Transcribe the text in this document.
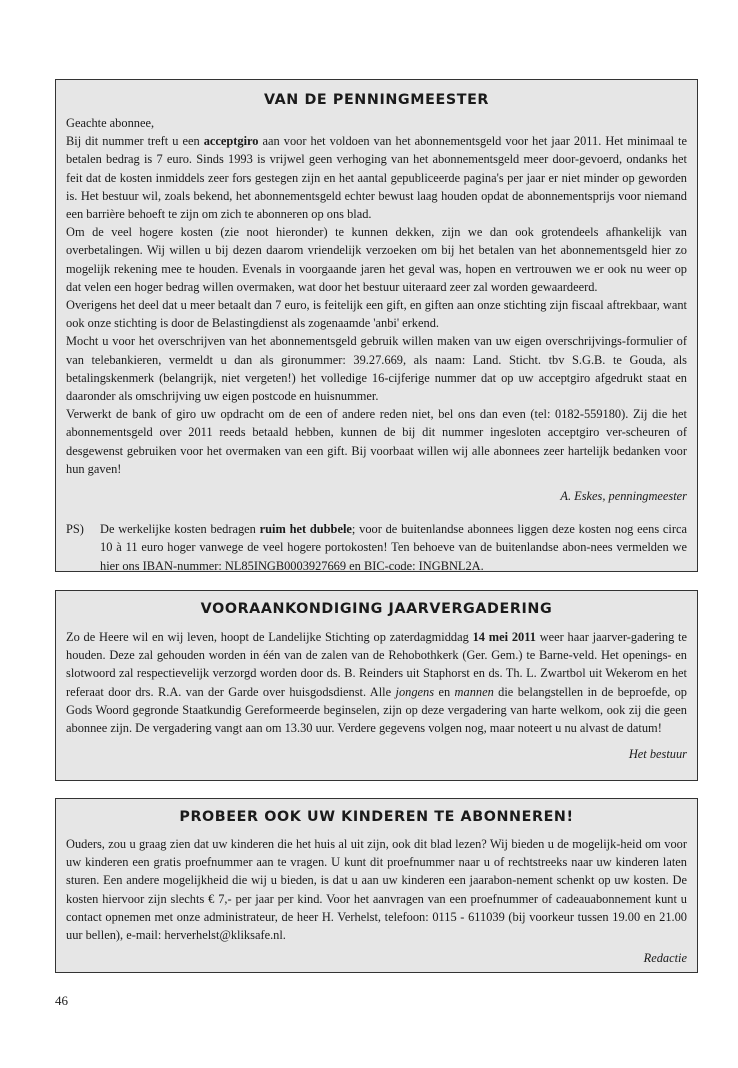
VAN DE PENNINGMEESTER

Geachte abonnee,

Bij dit nummer treft u een acceptgiro aan voor het voldoen van het abonnementsgeld voor het jaar 2011. Het minimaal te betalen bedrag is 7 euro. Sinds 1993 is vrijwel geen verhoging van het abonnementsgeld meer door-gevoerd, ondanks het feit dat de kosten inmiddels zeer fors gestegen zijn en het aantal gepubliceerde pagina's per jaar er niet minder op geworden is. Het bestuur wil, zoals bekend, het abonnementsgeld echter bewust laag houden opdat de abonnementsprijs voor niemand een barrière behoeft te zijn om zich te abonneren op ons blad.

Om de veel hogere kosten (zie noot hieronder) te kunnen dekken, zijn we dan ook grotendeels afhankelijk van overbetalingen. Wij willen u bij dezen daarom vriendelijk verzoeken om bij het betalen van het abonnementsgeld hier zo mogelijk rekening mee te houden. Evenals in voorgaande jaren het geval was, hopen en vertrouwen we er ook nu weer op dat velen een hoger bedrag willen overmaken, wat door het bestuur uiteraard zeer zal worden gewaardeerd.

Overigens het deel dat u meer betaalt dan 7 euro, is feitelijk een gift, en giften aan onze stichting zijn fiscaal aftrekbaar, want ook onze stichting is door de Belastingdienst als zogenaamde 'anbi' erkend.

Mocht u voor het overschrijven van het abonnementsgeld gebruik willen maken van uw eigen overschrijvings-formulier of van telebankieren, vermeldt u dan als gironummer: 39.27.669, als naam: Land. Sticht. tbv S.G.B. te Gouda, als betalingskenmerk (belangrijk, niet vergeten!) het volledige 16-cijferige nummer dat op uw acceptgiro afgedrukt staat en daaronder als omschrijving uw eigen postcode en huisnummer.

Verwerkt de bank of giro uw opdracht om de een of andere reden niet, bel ons dan even (tel: 0182-559180). Zij die het abonnementsgeld over 2011 reeds betaald hebben, kunnen de bij dit nummer ingesloten acceptgiro ver-scheuren of desgewenst gebruiken voor het overmaken van een gift. Bij voorbaat willen wij alle abonnees zeer hartelijk bedanken voor hun gaven!

A. Eskes, penningmeester

PS)	De werkelijke kosten bedragen ruim het dubbele; voor de buitenlandse abonnees liggen deze kosten nog eens circa 10 à 11 euro hoger vanwege de veel hogere portokosten! Ten behoeve van de buitenlandse abon-nees vermelden we hier ons IBAN-nummer: NL85INGB0003927669 en BIC-code: INGBNL2A.

VOORAANKONDIGING JAARVERGADERING

Zo de Heere wil en wij leven, hoopt de Landelijke Stichting op zaterdagmiddag 14 mei 2011 weer haar jaarver-gadering te houden. Deze zal gehouden worden in één van de zalen van de Rehobothkerk (Ger. Gem.) te Barne-veld. Het openings- en slotwoord zal respectievelijk verzorgd worden door ds. B. Reinders uit Staphorst en ds. Th. L. Zwartbol uit Wekerom en het referaat door drs. R.A. van der Garde over huisgodsdienst. Alle jongens en mannen die belangstellen in de beproefde, op Gods Woord gegronde Staatkundig Gereformeerde beginselen, zijn op deze vergadering van harte welkom, ook zij die geen abonnee zijn. De vergadering vangt aan om 13.30 uur. Verdere gegevens volgen nog, maar noteert u nu alvast de datum!

Het bestuur

PROBEER OOK UW KINDEREN TE ABONNEREN!

Ouders, zou u graag zien dat uw kinderen die het huis al uit zijn, ook dit blad lezen? Wij bieden u de mogelijk-heid om voor uw kinderen een gratis proefnummer aan te vragen. U kunt dit proefnummer naar u of rechtstreeks naar uw kinderen laten sturen. Een andere mogelijkheid die wij u bieden, is dat u aan uw kinderen een jaarabon-nement schenkt op uw kosten. De kosten hiervoor zijn slechts € 7,- per jaar per kind. Voor het aanvragen van een proefnummer of cadeauabonnement kunt u contact opnemen met onze administrateur, de heer H. Verhelst, telefoon: 0115 - 611039 (bij voorkeur tussen 19.00 en 21.00 uur bellen), e-mail: herverhelst@kliksafe.nl.

Redactie

46
